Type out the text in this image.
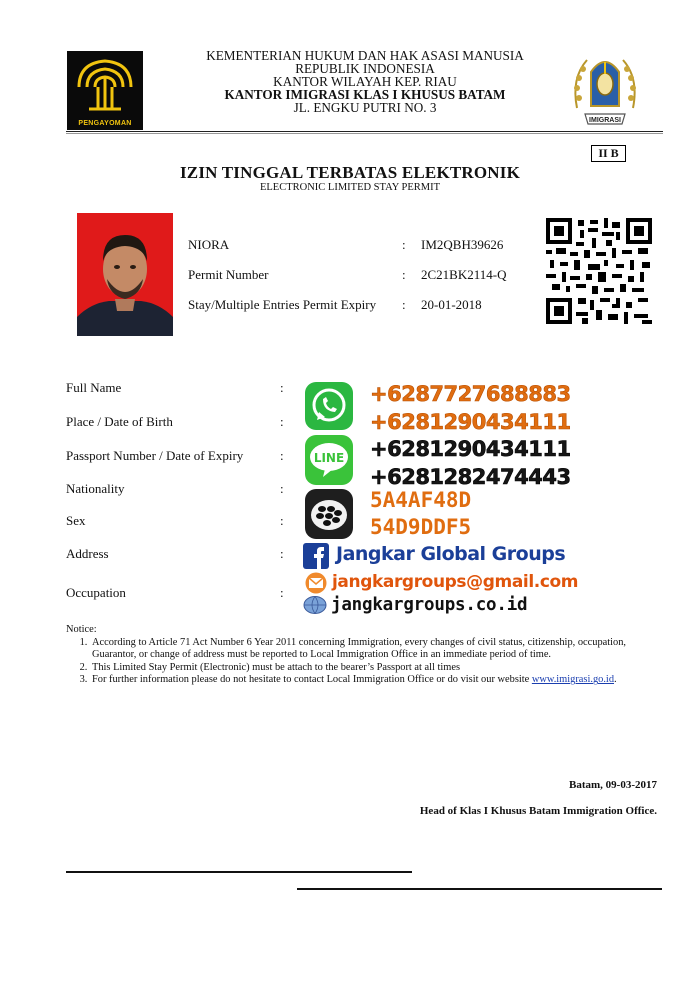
PENGAYOMAN
KEMENTERIAN HUKUM DAN HAK ASASI MANUSIA
REPUBLIK INDONESIA
KANTOR WILAYAH KEP. RIAU
KANTOR IMIGRASI KLAS I KHUSUS BATAM
JL. ENGKU PUTRI NO. 3
IMIGRASI
II B
IZIN TINGGAL TERBATAS ELEKTRONIK
ELECTRONIC LIMITED STAY PERMIT
NIORA	: IM2QBH39626
Permit Number	: 2C21BK2114-Q
Stay/Multiple Entries Permit Expiry : 20-01-2018
Full Name	:
Place / Date of Birth	:
Passport Number / Date of Expiry	:
Nationality	:
Sex	:
Address	:
Occupation	:
+6287727688883
+6281290434111
LINE +6281290434111
+6281282474443
5A4AF48D
54D9DDF5
Jangkar Global Groups
jangkargroups@gmail.com
jangkargroups.co.id
Notice:
1. According to Article 71 Act Number 6 Year 2011 concerning Immigration, every changes of civil status, citizenship, occupation, Guarantor, or change of address must be reported to Local Immigration Office in an immediate period of time.
2. This Limited Stay Permit (Electronic) must be attach to the bearer’s Passport at all times
3. For further information please do not hesitate to contact Local Immigration Office or do visit our website www.imigrasi.go.id.
Batam, 09-03-2017
Head of Klas I Khusus Batam Immigration Office.
